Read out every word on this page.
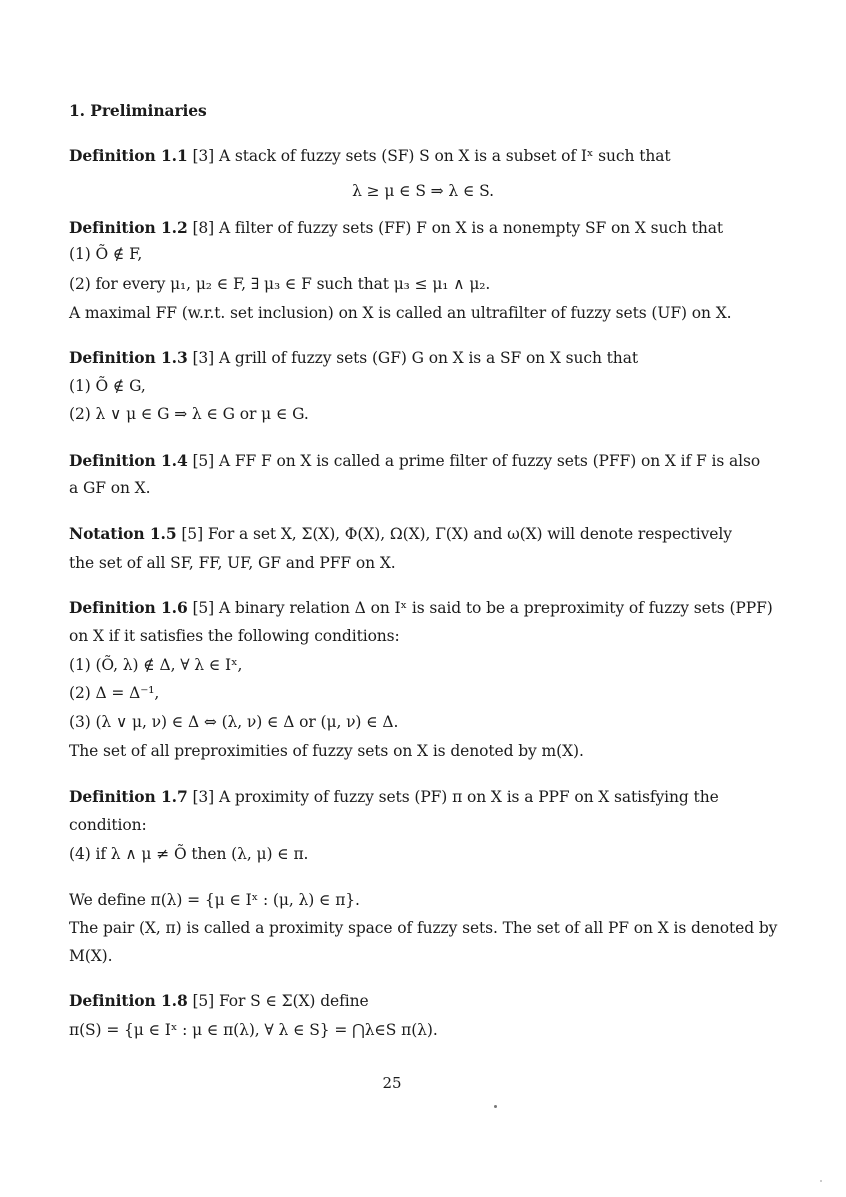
1. Preliminaries
Definition 1.1 [3] A stack of fuzzy sets (SF) S on X is a subset of Iˣ such that
λ ≥ μ ∈ S ⇒ λ ∈ S.
Definition 1.2 [8] A filter of fuzzy sets (FF) F on X is a nonempty SF on X such that
(1) Õ ∉ F,
(2) for every μ₁, μ₂ ∈ F, ∃ μ₃ ∈ F such that μ₃ ≤ μ₁ ∧ μ₂.
A maximal FF (w.r.t. set inclusion) on X is called an ultrafilter of fuzzy sets (UF) on X.
Definition 1.3 [3] A grill of fuzzy sets (GF) G on X is a SF on X such that
(1) Õ ∉ G,
(2) λ ∨ μ ∈ G ⇒ λ ∈ G or μ ∈ G.
Definition 1.4 [5] A FF F on X is called a prime filter of fuzzy sets (PFF) on X if F is also
a GF on X.
Notation 1.5 [5] For a set X, Σ(X), Φ(X), Ω(X), Γ(X) and ω(X) will denote respectively
the set of all SF, FF, UF, GF and PFF on X.
Definition 1.6 [5] A binary relation Δ on Iˣ is said to be a preproximity of fuzzy sets (PPF)
on X if it satisfies the following conditions:
(1) (Õ, λ) ∉ Δ, ∀ λ ∈ Iˣ,
(2) Δ = Δ⁻¹,
(3) (λ ∨ μ, ν) ∈ Δ ⇔ (λ, ν) ∈ Δ or (μ, ν) ∈ Δ.
The set of all preproximities of fuzzy sets on X is denoted by m(X).
Definition 1.7 [3] A proximity of fuzzy sets (PF) π on X is a PPF on X satisfying the
condition:
(4) if λ ∧ μ ≠ Õ then (λ, μ) ∈ π.
We define π(λ) = {μ ∈ Iˣ : (μ, λ) ∈ π}.
The pair (X, π) is called a proximity space of fuzzy sets. The set of all PF on X is denoted by
M(X).
Definition 1.8 [5] For S ∈ Σ(X) define
π(S) = {μ ∈ Iˣ : μ ∈ π(λ), ∀ λ ∈ S} = ⋂λ∈S π(λ).
25
